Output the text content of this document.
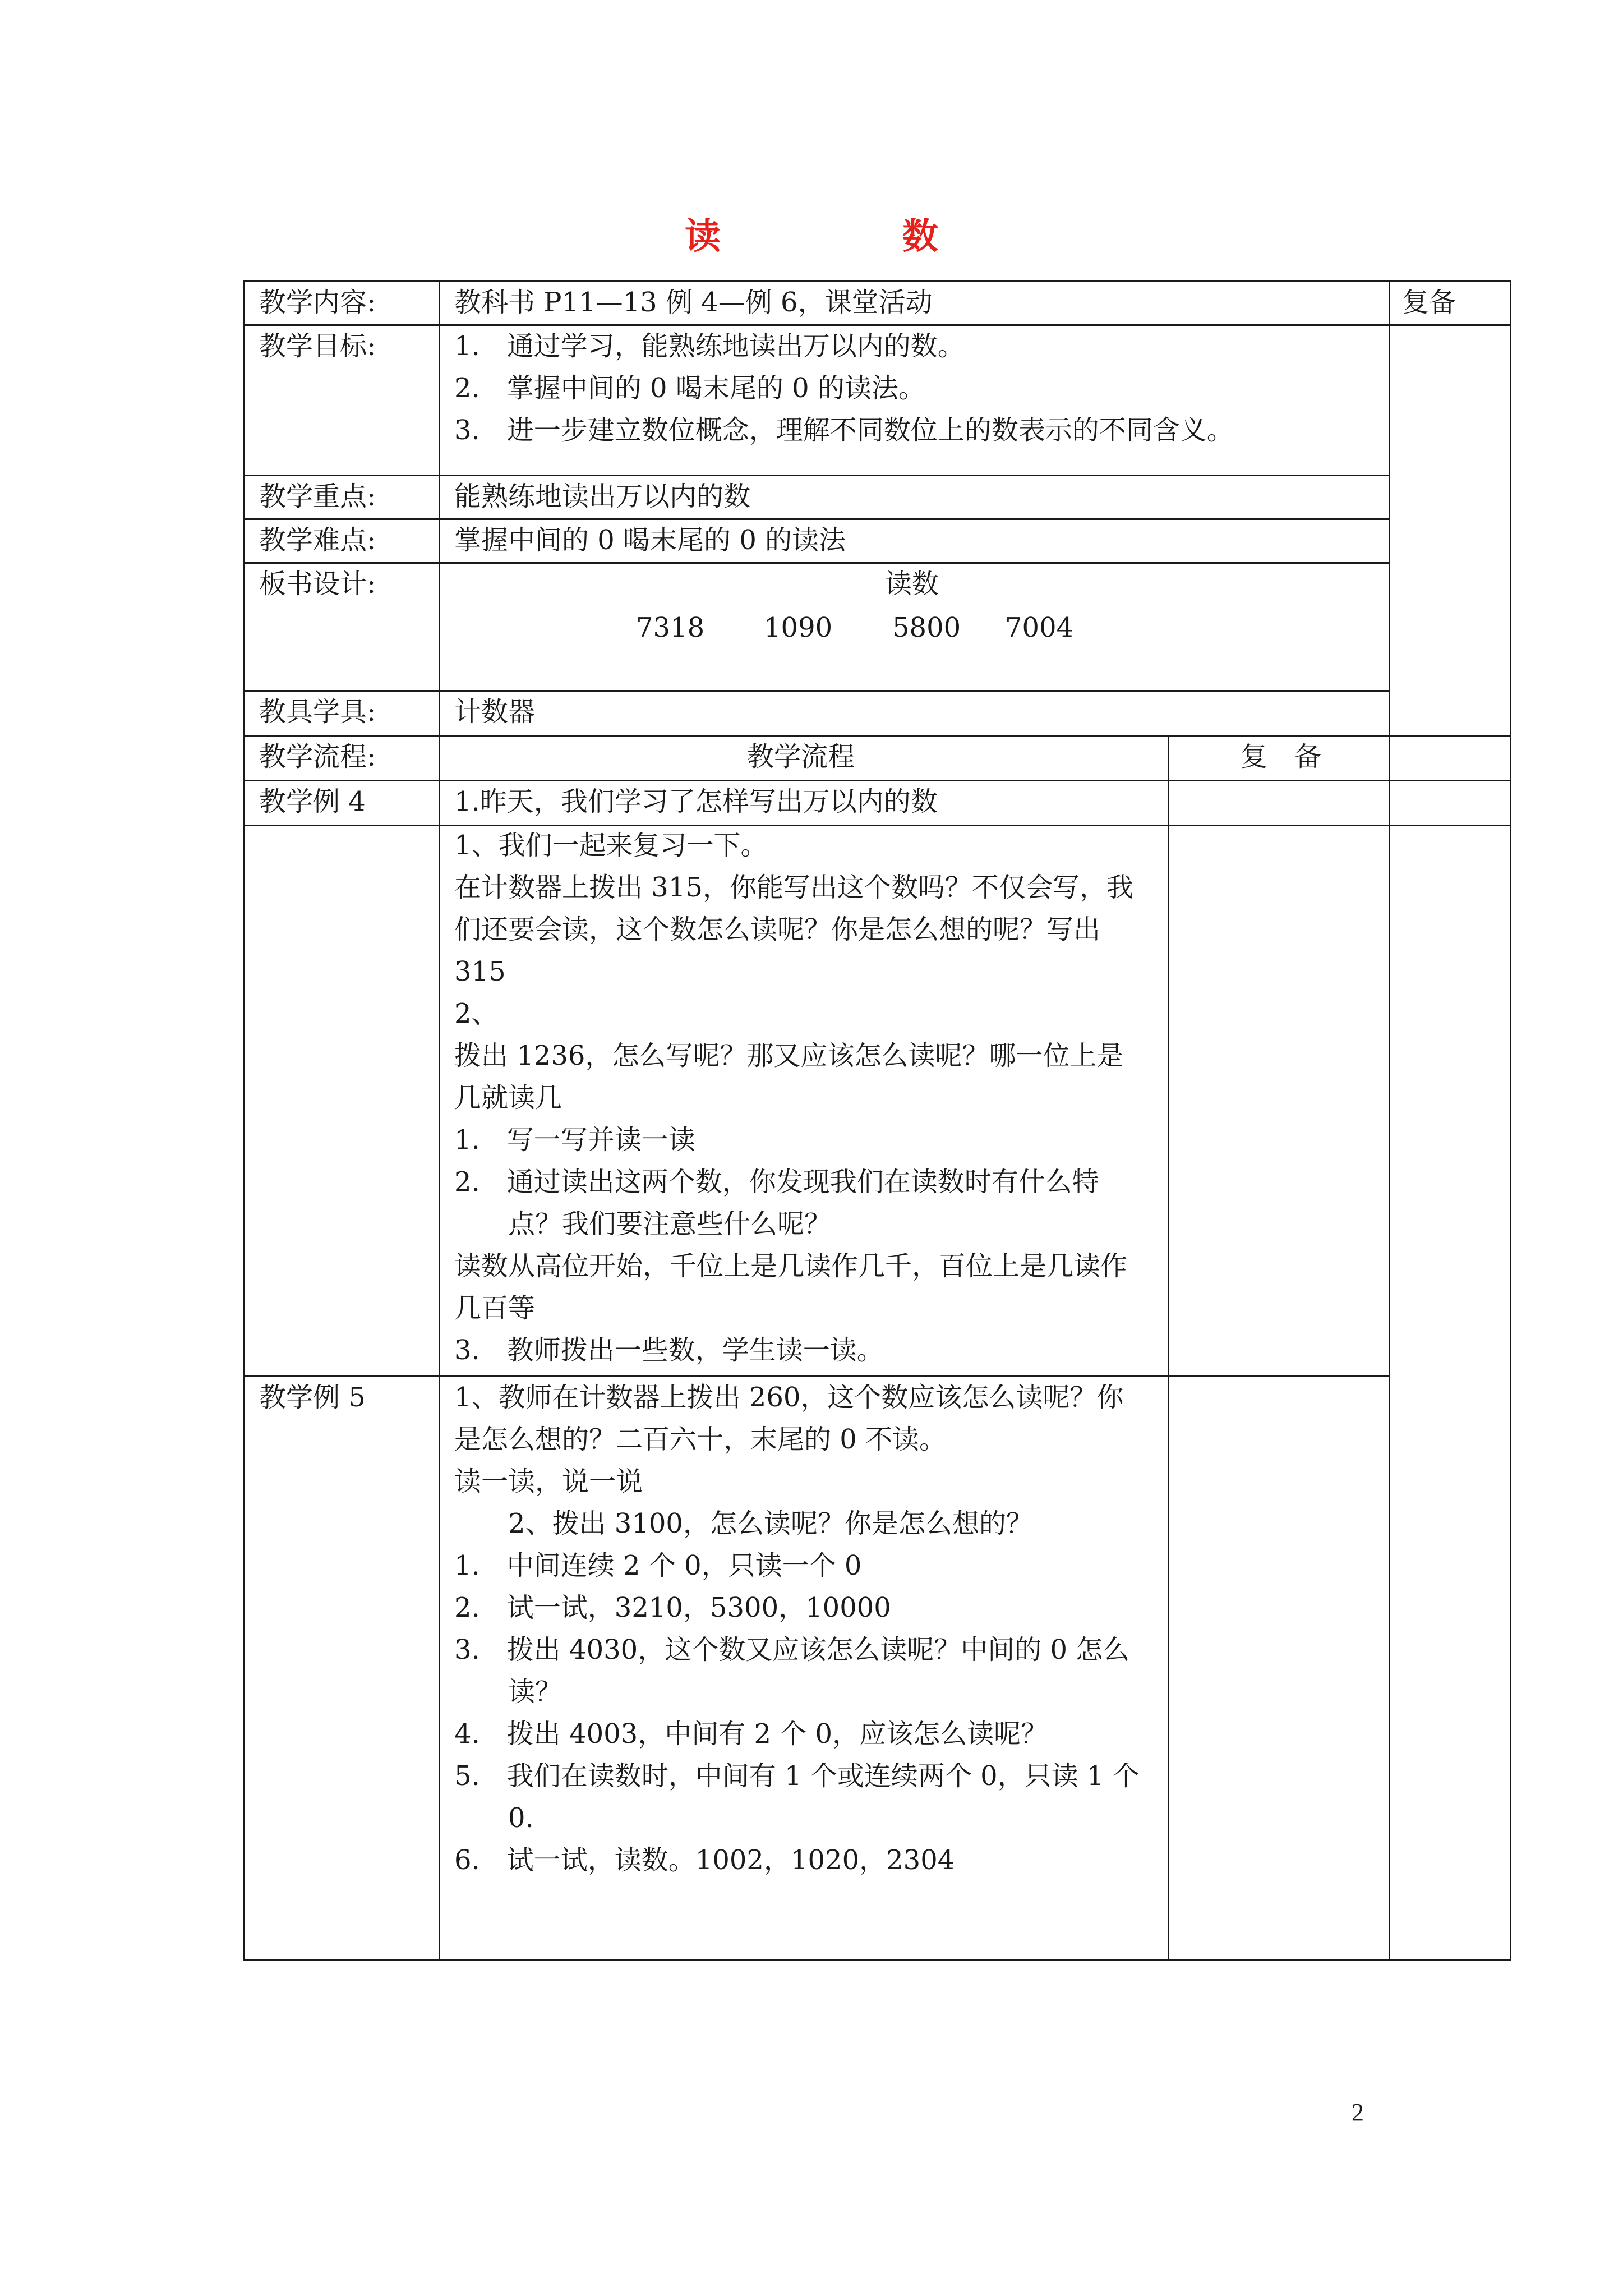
读　数
教学内容:	教科书 P11—13 例 4—例 6，课堂活动	复备
教学目标:	1.　通过学习，能熟练地读出万以内的数。
2.　掌握中间的 0 喝末尾的 0 的读法。
3.　进一步建立数位概念，理解不同数位上的数表示的不同含义。
教学重点:	能熟练地读出万以内的数
教学难点:	掌握中间的 0 喝末尾的 0 的读法
板书设计:	读数
7318 1090 5800 7004
教具学具:	计数器
教学流程:	教学流程	复　备
教学例 4	1.昨天，我们学习了怎样写出万以内的数
1、我们一起来复习一下。
在计数器上拨出 315，你能写出这个数吗？不仅会写，我
们还要会读，这个数怎么读呢？你是怎么想的呢？写出
315
2、
拨出 1236，怎么写呢？那又应该怎么读呢？哪一位上是
几就读几
1.　写一写并读一读
2.　通过读出这两个数，你发现我们在读数时有什么特
　　点？我们要注意些什么呢？
读数从高位开始，千位上是几读作几千，百位上是几读作
几百等
3.　教师拨出一些数，学生读一读。
教学例 5	1、教师在计数器上拨出 260，这个数应该怎么读呢？你
是怎么想的？二百六十，末尾的 0 不读。
读一读，说一说
　　2、拨出 3100，怎么读呢？你是怎么想的？
1.　中间连续 2 个 0，只读一个 0
2.　试一试，3210，5300，10000
3.　拨出 4030，这个数又应该怎么读呢？中间的 0 怎么
　　读？
4.　拨出 4003，中间有 2 个 0，应该怎么读呢？
5.　我们在读数时，中间有 1 个或连续两个 0，只读 1 个
　　0.
6.　试一试，读数。1002，1020，2304
2
